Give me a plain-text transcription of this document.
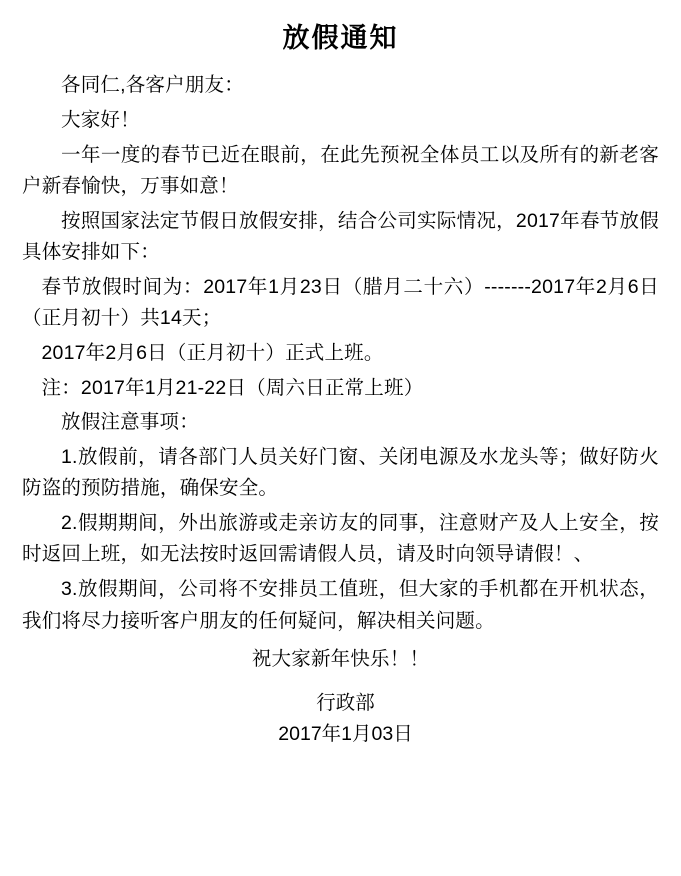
放假通知

各同仁,各客户朋友：

大家好！

一年一度的春节已近在眼前，在此先预祝全体员工以及所有的新老客户新春愉快，万事如意！

按照国家法定节假日放假安排，结合公司实际情况，2017年春节放假具体安排如下：

春节放假时间为：2017年1月23日（腊月二十六）-------2017年2月6日（正月初十）共14天；

2017年2月6日（正月初十）正式上班。

注：2017年1月21-22日（周六日正常上班）

放假注意事项：

1.放假前，请各部门人员关好门窗、关闭电源及水龙头等；做好防火防盗的预防措施，确保安全。

2.假期期间，外出旅游或走亲访友的同事，注意财产及人上安全，按时返回上班，如无法按时返回需请假人员，请及时向领导请假！、

3.放假期间，公司将不安排员工值班，但大家的手机都在开机状态，我们将尽力接听客户朋友的任何疑问，解决相关问题。

祝大家新年快乐！！

行政部
2017年1月03日
